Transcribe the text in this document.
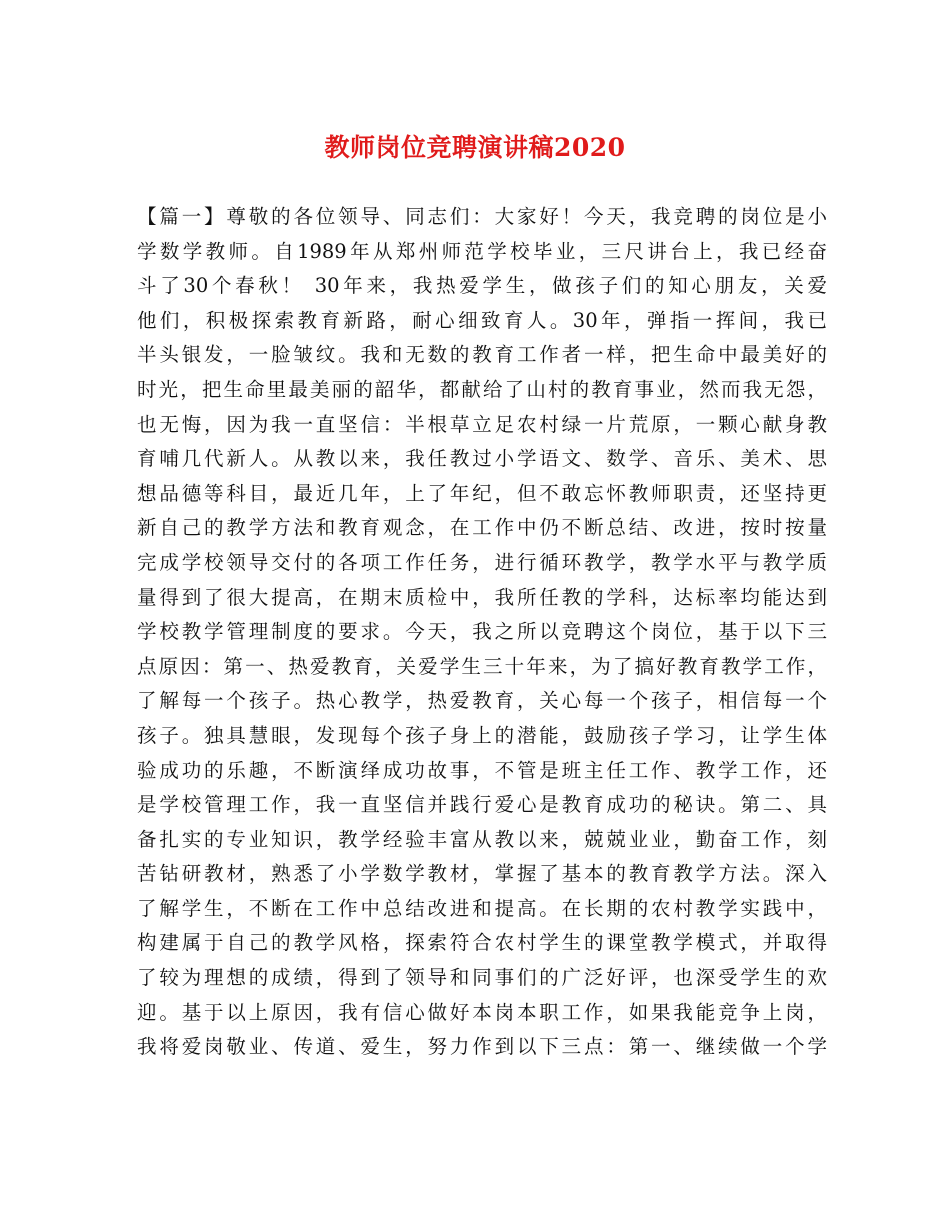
教师岗位竞聘演讲稿2020
【篇一】尊敬的各位领导、同志们：大家好！今天，我竞聘的岗位是小
学数学教师。自1989年从郑州师范学校毕业，三尺讲台上，我已经奋
斗了30个春秋！ 30年来，我热爱学生，做孩子们的知心朋友，关爱
他们，积极探索教育新路，耐心细致育人。30年，弹指一挥间，我已
半头银发，一脸皱纹。我和无数的教育工作者一样，把生命中最美好的
时光，把生命里最美丽的韶华，都献给了山村的教育事业，然而我无怨，
也无悔，因为我一直坚信：半根草立足农村绿一片荒原，一颗心献身教
育哺几代新人。从教以来，我任教过小学语文、数学、音乐、美术、思
想品德等科目，最近几年，上了年纪，但不敢忘怀教师职责，还坚持更
新自己的教学方法和教育观念，在工作中仍不断总结、改进，按时按量
完成学校领导交付的各项工作任务，进行循环教学，教学水平与教学质
量得到了很大提高，在期末质检中，我所任教的学科，达标率均能达到
学校教学管理制度的要求。今天，我之所以竞聘这个岗位，基于以下三
点原因：第一、热爱教育，关爱学生三十年来，为了搞好教育教学工作，
了解每一个孩子。热心教学，热爱教育，关心每一个孩子，相信每一个
孩子。独具慧眼，发现每个孩子身上的潜能，鼓励孩子学习，让学生体
验成功的乐趣，不断演绎成功故事，不管是班主任工作、教学工作，还
是学校管理工作，我一直坚信并践行爱心是教育成功的秘诀。第二、具
备扎实的专业知识，教学经验丰富从教以来，兢兢业业，勤奋工作，刻
苦钻研教材，熟悉了小学数学教材，掌握了基本的教育教学方法。深入
了解学生，不断在工作中总结改进和提高。在长期的农村教学实践中，
构建属于自己的教学风格，探索符合农村学生的课堂教学模式，并取得
了较为理想的成绩，得到了领导和同事们的广泛好评，也深受学生的欢
迎。基于以上原因，我有信心做好本岗本职工作，如果我能竞争上岗，
我将爱岗敬业、传道、爱生，努力作到以下三点：第一、继续做一个学
